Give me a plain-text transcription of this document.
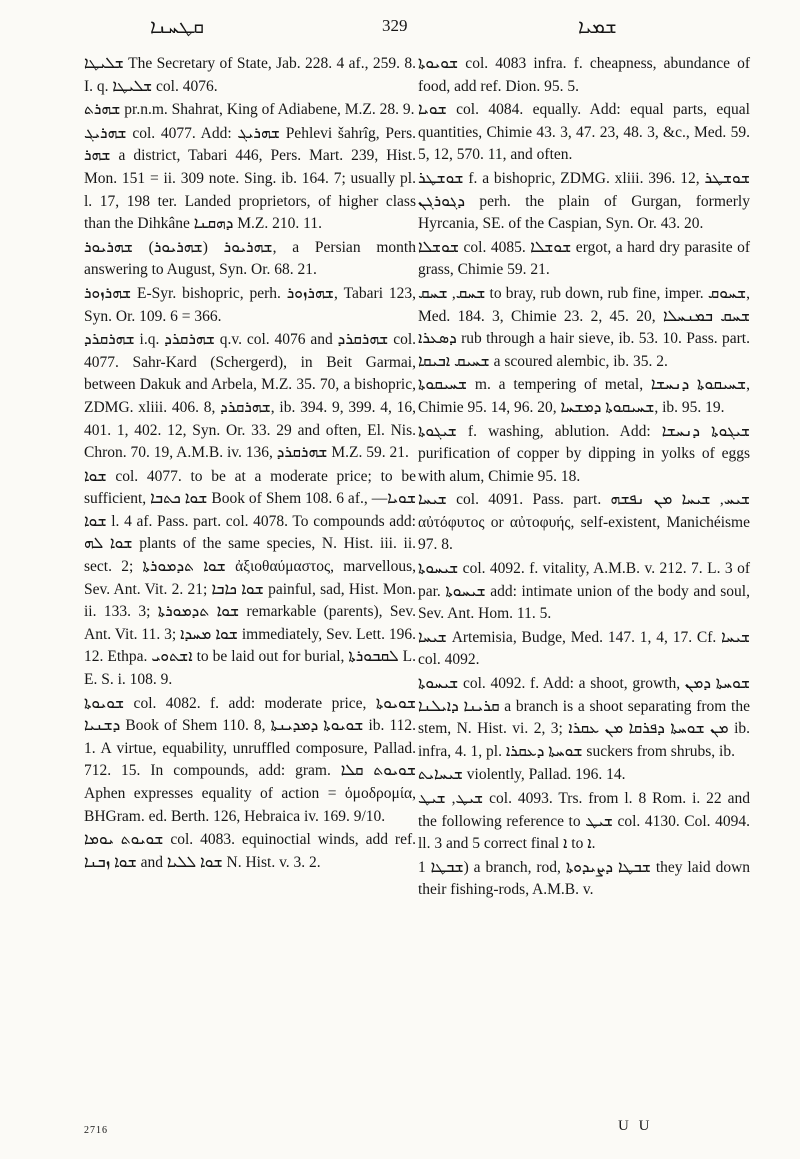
ܩܛܚܢܐ	329	ܫܡܝܐ

ܫܠܝܛܐ The Secretary of State, Jab. 228. 4 af., 259. 8. I. q. ܫܠܝܛܐ col. 4076.

ܫܗܪܬ pr.n.m. Shahrat, King of Adiabene, M.Z. 28. 9.

ܫܗܪܝܓ col. 4077. Add: ܫܗܪܝܓ Pehlevi šahrîg, Pers. ܫܗܪ a district, Tabari 446, Pers. Mart. 239, Hist. Mon. 151 = ii. 309 note. Sing. ib. 164. 7; usually pl. l. 17, 198 ter. Landed proprietors, of higher class than the Dihkâne ܕܗܩܢܐ M.Z. 210. 11.

ܫܗܪܝܘܪ (ܫܗܪܝܘܪ) ܫܗܪܝܘܪ, a Persian month answering to August, Syn. Or. 68. 21.

ܫܗܪܙܘܪ E-Syr. bishopric, perh. ܫܗܪܙܘܪ, Tabari 123, Syn. Or. 109. 6 = 366.

ܫܗܪܩܪܕ i.q. ܫܗܪܩܪܕ q.v. col. 4076 and ܫܗܪܩܪܕ col. 4077. Sahr-Kard (Schergerd), in Beit Garmai, between Dakuk and Arbela, M.Z. 35. 70, a bishopric, ZDMG. xliii. 406. 8, ܫܗܪܩܪܕ, ib. 394. 9, 399. 4, 16, 401. 1, 402. 12, Syn. Or. 33. 29 and often, El. Nis. Chron. 70. 19, A.M.B. iv. 136, ܫܗܪܩܪܕ M.Z. 59. 21.

ܫܘܐ col. 4077. to be at a moderate price; to be sufficient, ܫܘܐ ܟܬܒܐ Book of Shem 108. 6 af., ܫܘܝܐ—ܫܘܐ l. 4 af. Pass. part. col. 4078. To compounds add: ܫܘܐ ܠܗ plants of the same species, N. Hist. iii. ii. sect. 2; ܫܘܐ ܬܕܡܘܪܬܐ ἀξιοθαύμαστος, marvellous, Sev. Ant. Vit. 2. 21; ܫܘܐ ܟܐܒܐ painful, sad, Hist. Mon. ii. 133. 3; ܫܘܐ ܬܕܡܘܪܬܐ remarkable (parents), Sev. Ant. Vit. 11. 3; ܫܘܐ ܡܚܕܐ immediately, Sev. Lett. 196. 12. Ethpa. ܐܫܬܘܝ to be laid out for burial, ܠܩܒܘܪܬܐ L. E. S. i. 108. 9.

ܫܘܝܘܬܐ col. 4082. f. add: moderate price, ܫܘܝܘܬܐ ܕܫܢܝܐ Book of Shem 110. 8, ܫܘܝܘܬܐ ܕܡܕܝܢܬܐ ib. 112. 1. A virtue, equability, unruffled composure, Pallad. 712. 15. In compounds, add: gram. ܫܘܝܘܬ ܩܠܐ Aphen expresses equality of action = ὁμοδρομία, BHGram. ed. Berth. 126, Hebraica iv. 169. 9/10.

ܫܘܝܘܬ ܝܘܡܐ col. 4083. equinoctial winds, add ref. ܫܘܐ ܙܒܢܐ and ܫܘܐ ܠܠܝܐ N. Hist. v. 3. 2.

ܫܘܝܘܬܐ col. 4083 infra. f. cheapness, abundance of food, add ref. Dion. 95. 5.

ܫܘܝܐ col. 4084. equally. Add: equal parts, equal quantities, Chimie 43. 3, 47. 23, 48. 3, &c., Med. 59. 5, 12, 570. 11, and often.

ܫܘܫܛܪ f. a bishopric, ZDMG. xliii. 396. 12, ܫܘܫܛܪ ܕܓܘܪܓܢ perh. the plain of Gurgan, formerly Hyrcania, SE. of the Caspian, Syn. Or. 43. 20.

ܫܘܫܠܐ col. 4085. ܫܘܫܠܐ ergot, a hard dry parasite of grass, Chimie 59. 21.

ܫܚܩ, ܫܚܩ to bray, rub down, rub fine, imper. ܫܚܘܩ, Med. 184. 3, Chimie 23. 2, 45. 20, ܫܚܩ ܒܡܢܚܠܐ ܕܣܥܪܐ rub through a hair sieve, ib. 53. 10. Pass. part. ܫܚܝܩ ܐܒܝܩܐ a scoured alembic, ib. 35. 2.

ܫܚܝܩܘܬܐ m. a tempering of metal, ܫܚܝܩܘܬܐ ܕܢܚܫܐ, Chimie 95. 14, 96. 20, ܫܚܝܩܘܬܐ ܕܡܫܚܐ, ib. 95. 19.

ܫܝܓܘܬܐ f. washing, ablution. Add: ܫܝܓܘܬܐ ܕܢܚܫܐ purification of copper by dipping in yolks of eggs with alum, Chimie 95. 18.

ܫܝܚܐ col. 4091. Pass. part. ܫܝܚ, ܫܝܚܐ ܡܢ ܢܦܫܗ αὐτόφυτος or αὐτοφυής, self-existent, Manichéisme 97. 8.

ܫܝܚܘܬܐ col. 4092. f. vitality, A.M.B. v. 212. 7. L. 3 of par. ܫܝܚܘܬܐ add: intimate union of the body and soul, Sev. Ant. Hom. 11. 5.

ܫܝܚܐ Artemisia, Budge, Med. 147. 1, 4, 17. Cf. ܫܝܚܐ col. 4092.

ܫܝܚܘܬܐ col. 4092. f. Add: a shoot, growth, ܫܘܚܬܐ ܕܡܢ ܩܪܝܢܐ ܕܐܝܠܢܐ a branch is a shoot separating from the stem, N. Hist. vi. 2, 3; ܡܢ ܫܘܚܬܐ ܕܦܪܩܐ ܡܢ ܥܩܪܐ ib. infra, 4. 1, pl. ܫܘܚܬܐ ܕܥܩܪܐ suckers from shrubs, ib.

ܫܝܚܐܝܬ violently, Pallad. 196. 14.

ܫܝܛ, ܫܝܛ col. 4093. Trs. from l. 8 Rom. i. 22 and the following reference to ܫܝܛ col. 4130. Col. 4094. ll. 3 and 5 correct final ܐ to ܐ.

ܫܒܛܐ 1) a branch, rod, ܫܒܛܐ ܕܨܝܕܘܬܐ they laid down their fishing-rods, A.M.B. v.

2716	U U
